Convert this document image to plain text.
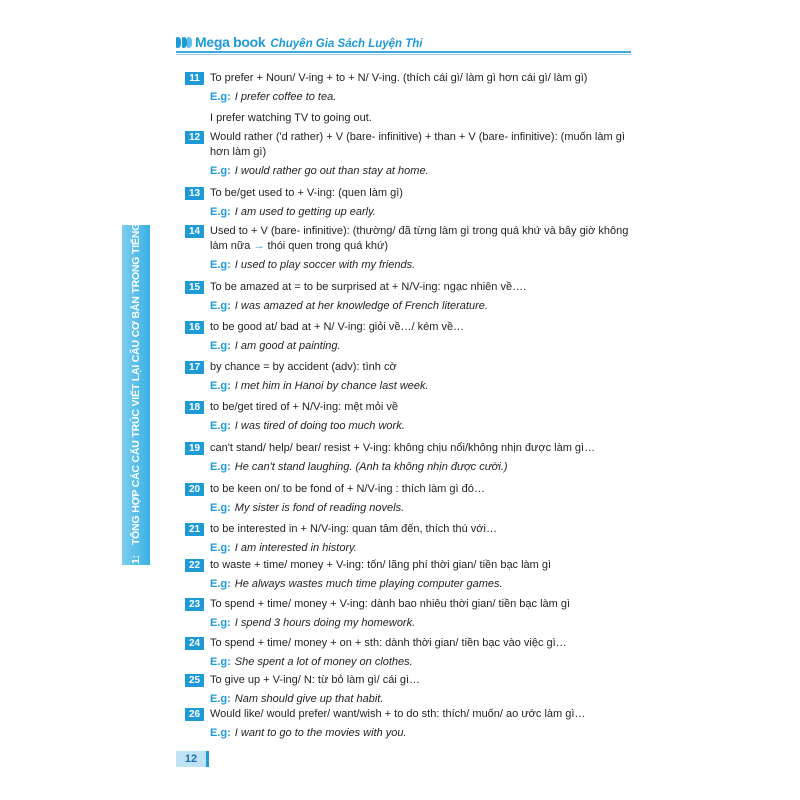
Mega book Chuyên Gia Sách Luyện Thi
Phần 1:TỔNG HỢP CÁC CẤU TRÚC VIẾT LẠI CÂU CƠ BẢN TRONG TIẾNG ANH
11 To prefer + Noun/ V-ing + to + N/ V-ing. (thích cái gì/ làm gì hơn cái gì/ làm gì)
E.g: I prefer coffee to tea.
I prefer watching TV to going out.
12 Would rather ('d rather) + V (bare- infinitive) + than + V (bare- infinitive): (muốn làm gì hơn làm gì)
E.g: I would rather go out than stay at home.
13 To be/get used to + V-ing: (quen làm gì)
E.g: I am used to getting up early.
14 Used to + V (bare- infinitive): (thường/ đã từng làm gì trong quá khứ và bây giờ không làm nữa → thói quen trong quá khứ)
E.g: I used to play soccer with my friends.
15 To be amazed at = to be surprised at + N/V-ing: ngạc nhiên về….
E.g: I was amazed at her knowledge of French literature.
16 to be good at/ bad at + N/ V-ing: giỏi về…/ kém về…
E.g: I am good at painting.
17 by chance = by accident (adv): tình cờ
E.g: I met him in Hanoi by chance last week.
18 to be/get tired of + N/V-ing: mệt mỏi về
E.g: I was tired of doing too much work.
19 can't stand/ help/ bear/ resist + V-ing: không chịu nổi/không nhịn được làm gì…
E.g: He can't stand laughing. (Anh ta không nhịn được cười.)
20 to be keen on/ to be fond of + N/V-ing : thích làm gì đó…
E.g: My sister is fond of reading novels.
21 to be interested in + N/V-ing: quan tâm đến, thích thú với…
E.g: I am interested in history.
22 to waste + time/ money + V-ing: tốn/ lãng phí thời gian/ tiền bạc làm gì
E.g: He always wastes much time playing computer games.
23 To spend + time/ money + V-ing: dành bao nhiêu thời gian/ tiền bạc làm gì
E.g: I spend 3 hours doing my homework.
24 To spend + time/ money + on + sth: dành thời gian/ tiền bạc vào việc gì…
E.g: She spent a lot of money on clothes.
25 To give up + V-ing/ N: từ bỏ làm gì/ cái gì…
E.g: Nam should give up that habit.
26 Would like/ would prefer/ want/wish + to do sth: thích/ muốn/ ao ước làm gì…
E.g: I want to go to the movies with you.
12
